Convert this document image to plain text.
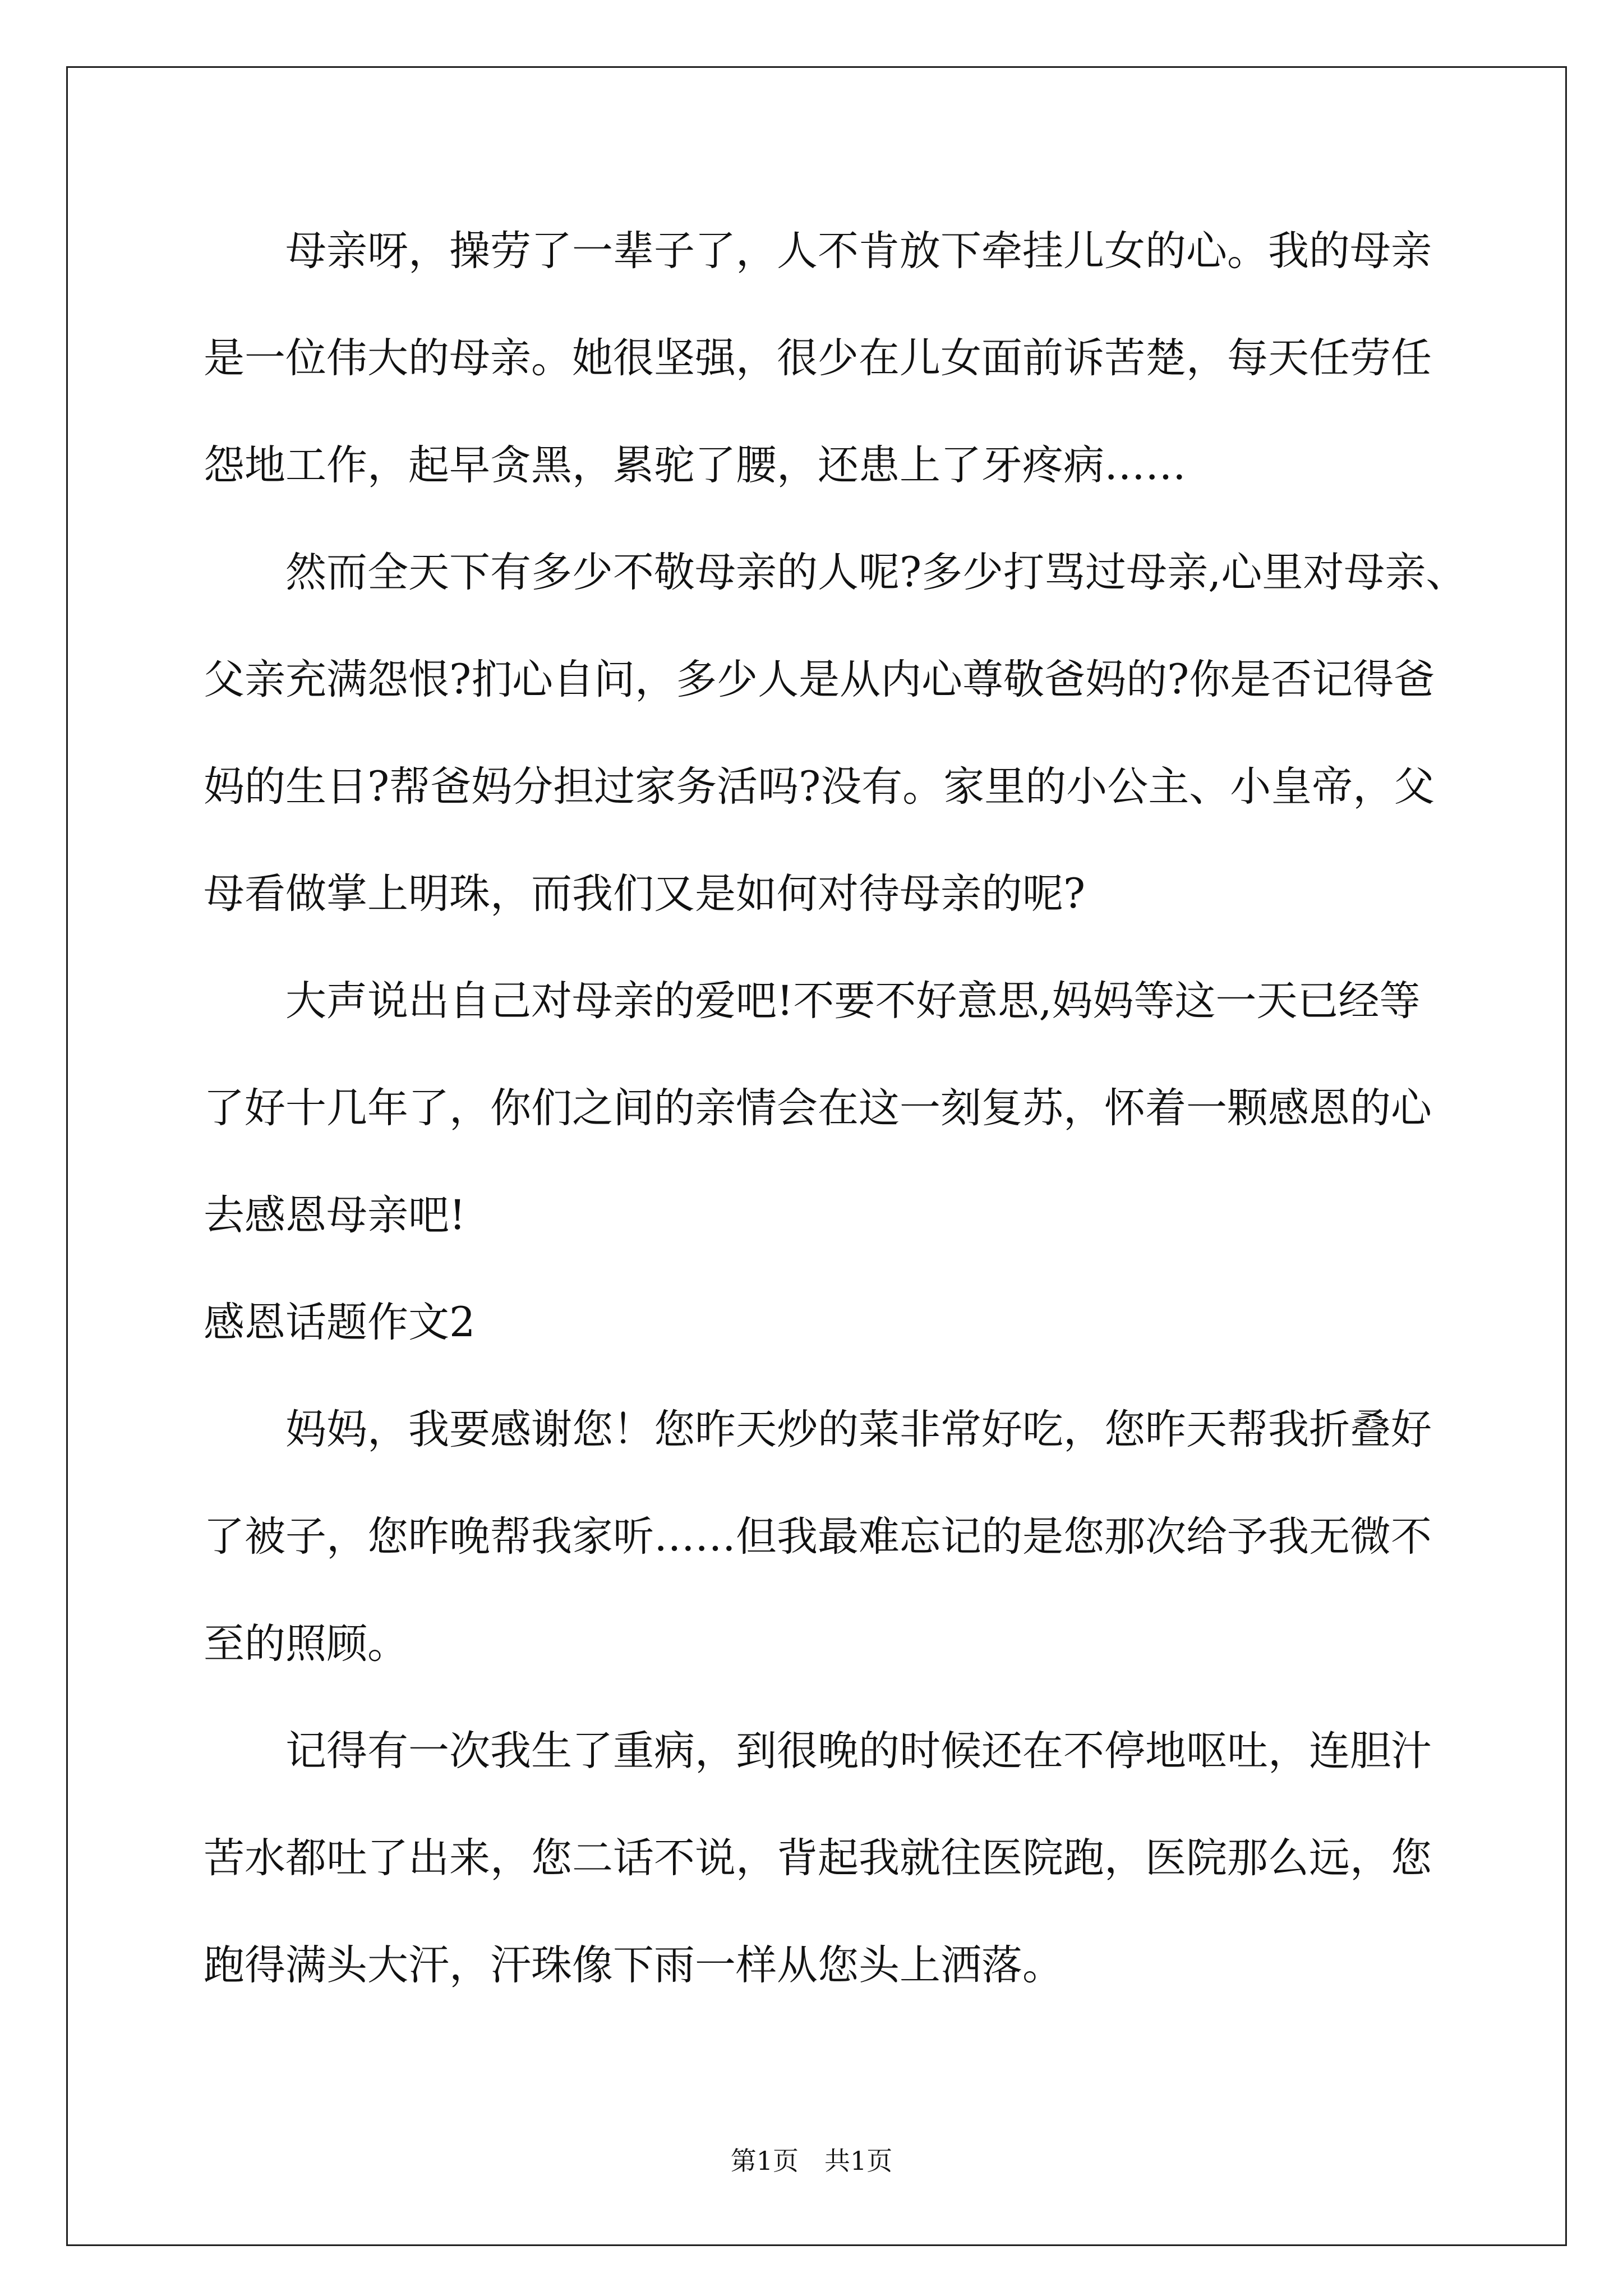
母亲呀，操劳了一辈子了，人不肯放下牵挂儿女的心。我的母亲
是一位伟大的母亲。她很坚强，很少在儿女面前诉苦楚，每天任劳任
怨地工作，起早贪黑，累驼了腰，还患上了牙疼病……
然而全天下有多少不敬母亲的人呢?多少打骂过母亲,心里对母亲、
父亲充满怨恨?扪心自问，多少人是从内心尊敬爸妈的?你是否记得爸
妈的生日?帮爸妈分担过家务活吗?没有。家里的小公主、小皇帝，父
母看做掌上明珠，而我们又是如何对待母亲的呢?
大声说出自己对母亲的爱吧!不要不好意思,妈妈等这一天已经等
了好十几年了，你们之间的亲情会在这一刻复苏，怀着一颗感恩的心
去感恩母亲吧!
感恩话题作文2
妈妈，我要感谢您！您昨天炒的菜非常好吃，您昨天帮我折叠好
了被子，您昨晚帮我家听……但我最难忘记的是您那次给予我无微不
至的照顾。
记得有一次我生了重病，到很晚的时候还在不停地呕吐，连胆汁
苦水都吐了出来，您二话不说，背起我就往医院跑，医院那么远，您
跑得满头大汗，汗珠像下雨一样从您头上洒落。
第1页　共1页
